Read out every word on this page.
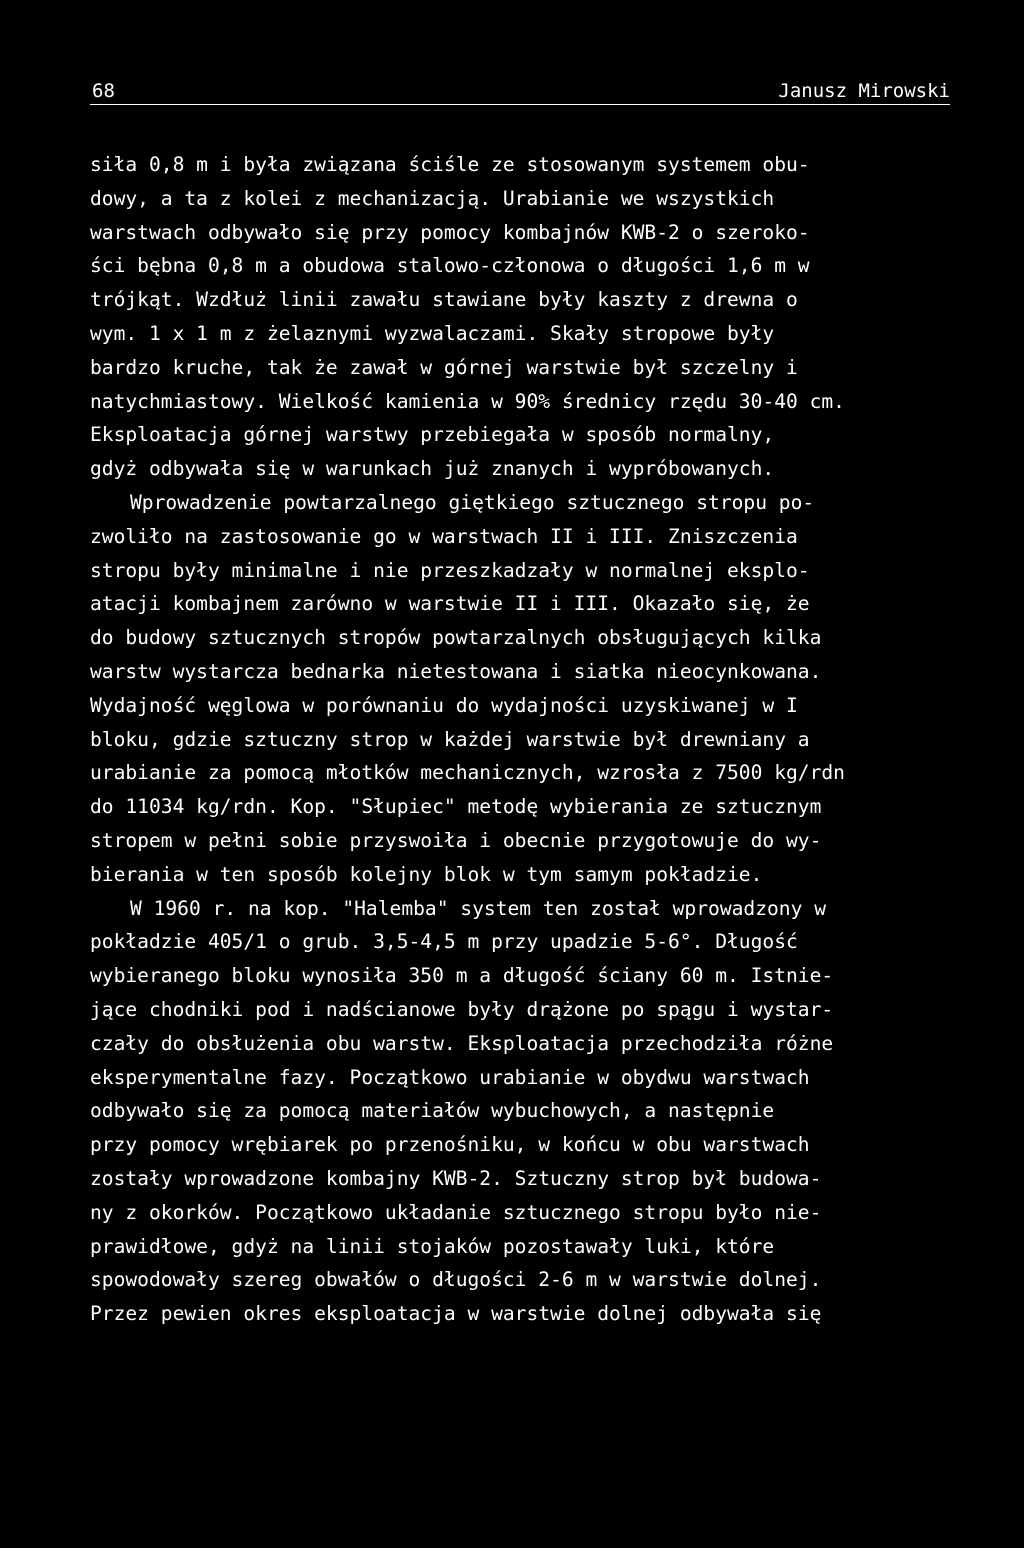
68	Janusz Mirowski
siła 0,8 m i była związana ściśle ze stosowanym systemem obu-
dowy, a ta z kolei z mechanizacją. Urabianie we wszystkich
warstwach odbywało się przy pomocy kombajnów KWB-2 o szeroko-
ści bębna 0,8 m a obudowa stalowo-członowa o długości 1,6 m w
trójkąt. Wzdłuż linii zawału stawiane były kaszty z drewna o
wym. 1 x 1 m z żelaznymi wyzwalaczami. Skały stropowe były
bardzo kruche, tak że zawał w górnej warstwie był szczelny i
natychmiastowy. Wielkość kamienia w 90% średnicy rzędu 30-40 cm.
Eksploatacja górnej warstwy przebiegała w sposób normalny,
gdyż odbywała się w warunkach już znanych i wypróbowanych.
Wprowadzenie powtarzalnego giętkiego sztucznego stropu po-
zwoliło na zastosowanie go w warstwach II i III. Zniszczenia
stropu były minimalne i nie przeszkadzały w normalnej eksplo-
atacji kombajnem zarówno w warstwie II i III. Okazało się, że
do budowy sztucznych stropów powtarzalnych obsługujących kilka
warstw wystarcza bednarka nietestowana i siatka nieocynkowana.
Wydajność węglowa w porównaniu do wydajności uzyskiwanej w I
bloku, gdzie sztuczny strop w każdej warstwie był drewniany a
urabianie za pomocą młotków mechanicznych, wzrosła z 7500 kg/rdn
do 11034 kg/rdn. Kop. "Słupiec" metodę wybierania ze sztucznym
stropem w pełni sobie przyswoiła i obecnie przygotowuje do wy-
bierania w ten sposób kolejny blok w tym samym pokładzie.
W 1960 r. na kop. "Halemba" system ten został wprowadzony w
pokładzie 405/1 o grub. 3,5-4,5 m przy upadzie 5-6°. Długość
wybieranego bloku wynosiła 350 m a długość ściany 60 m. Istnie-
jące chodniki pod i nadścianowe były drążone po spągu i wystar-
czały do obsłużenia obu warstw. Eksploatacja przechodziła różne
eksperymentalne fazy. Początkowo urabianie w obydwu warstwach
odbywało się za pomocą materiałów wybuchowych, a następnie
przy pomocy wrębiarek po przenośniku, w końcu w obu warstwach
zostały wprowadzone kombajny KWB-2. Sztuczny strop był budowa-
ny z okorków. Początkowo układanie sztucznego stropu było nie-
prawidłowe, gdyż na linii stojaków pozostawały luki, które
spowodowały szereg obwałów o długości 2-6 m w warstwie dolnej.
Przez pewien okres eksploatacja w warstwie dolnej odbywała się
